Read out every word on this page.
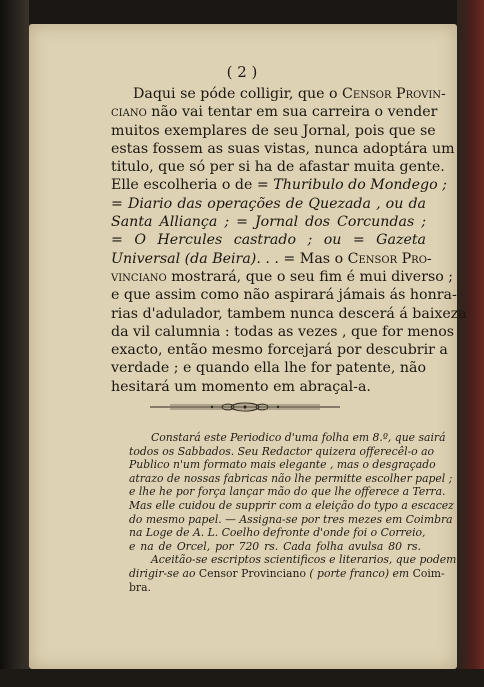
( 2 )
Daqui se póde colligir, que o Censor Provin-
ciano não vai tentar em sua carreira o vender
muitos exemplares de seu Jornal, pois que se
estas fossem as suas vistas, nunca adoptára um
titulo, que só per si ha de afastar muita gente.
Elle escolheria o de = Thuribulo do Mondego ;
= Diario das operações de Quezada , ou da
Santa Alliança ; = Jornal dos Corcundas ;
= O Hercules castrado ; ou = Gazeta
Universal (da Beira). . . = Mas o Censor Pro-
vinciano mostrará, que o seu fim é mui diverso ;
e que assim como não aspirará jámais ás honra-
rias d'adulador, tambem nunca descerá á baixeza
da vil calumnia : todas as vezes , que for menos
exacto, então mesmo forcejará por descubrir a
verdade ; e quando ella lhe for patente, não
hesitará um momento em abraçal-a.
Constará este Periodico d'uma folha em 8.º, que sairá
todos os Sabbados. Seu Redactor quizera offerecêl-o ao
Publico n'um formato mais elegante , mas o desgraçado
atrazo de nossas fabricas não lhe permitte escolher papel ;
e lhe he por força lançar mão do que lhe offerece a Terra.
Mas elle cuidou de supprir com a eleição do typo a escacez
do mesmo papel. — Assigna-se por tres mezes em Coimbra
na Loge de A. L. Coelho defronte d'onde foi o Correio,
e na de Orcel, por 720 rs. Cada folha avulsa 80 rs.
Aceitão-se escriptos scientificos e literarios, que podem
dirigir-se ao Censor Provinciano ( porte franco) em Coim-
bra.
